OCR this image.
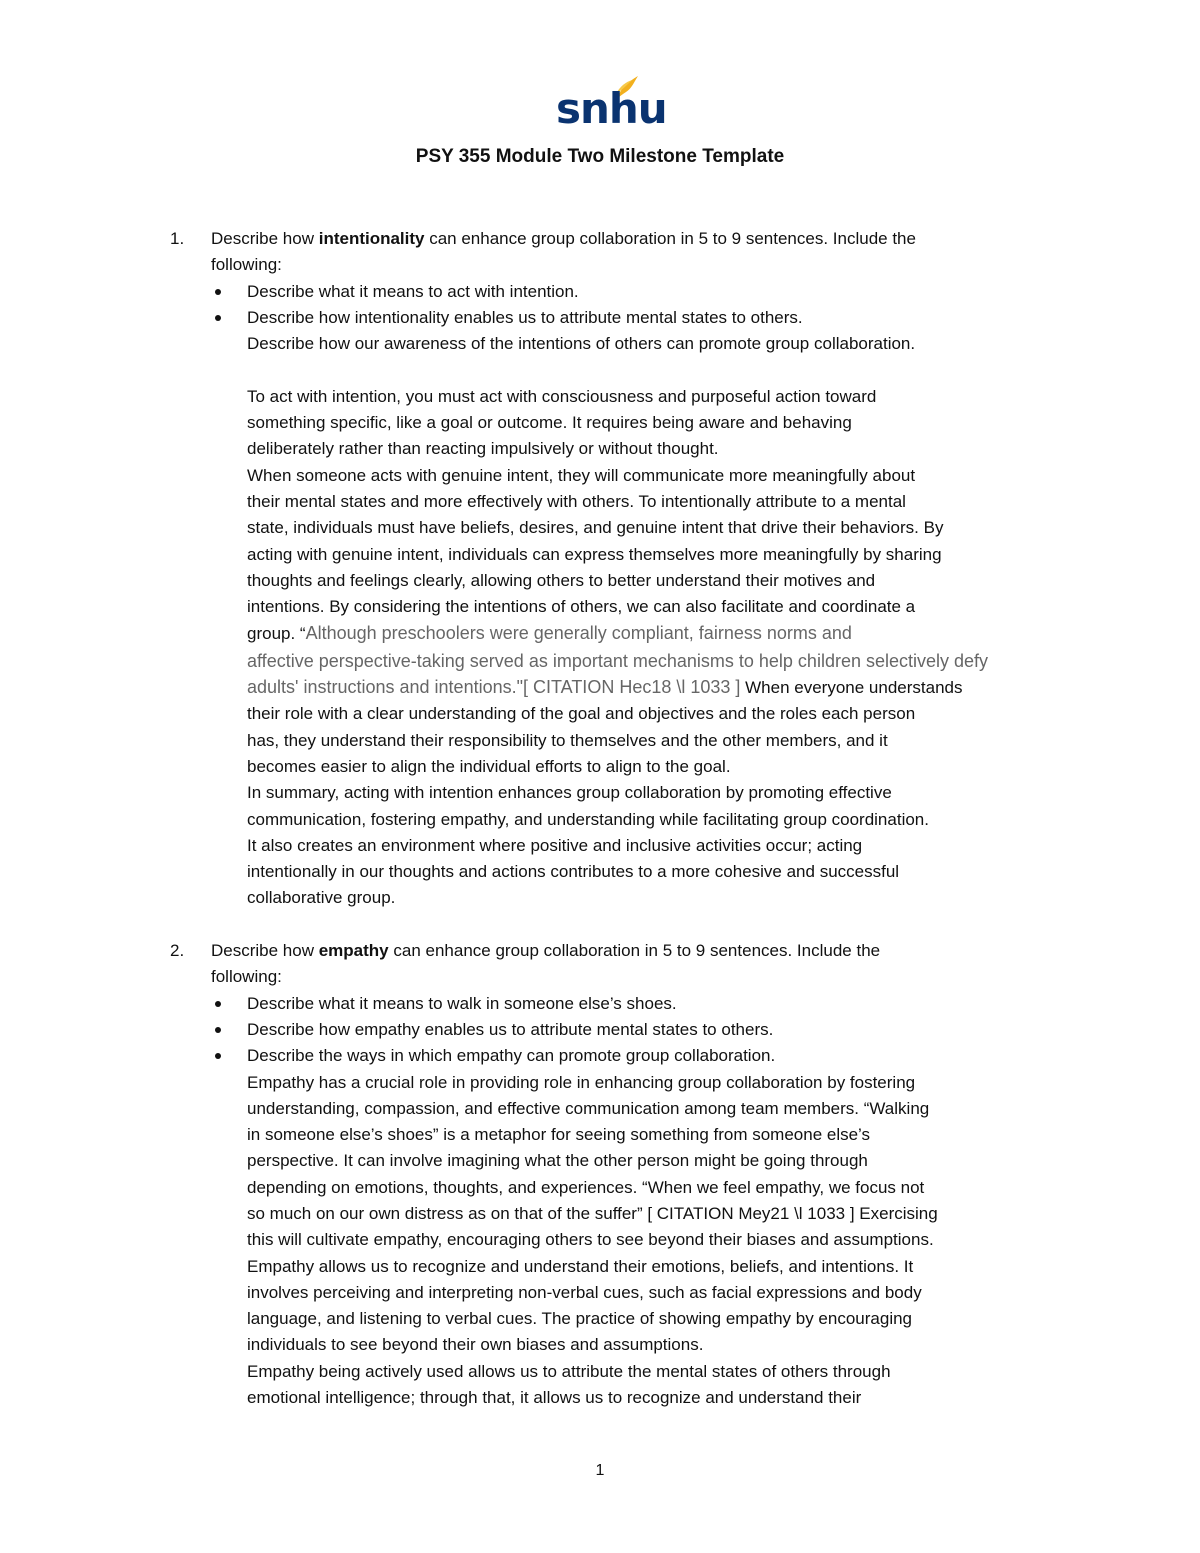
snhu
PSY 355 Module Two Milestone Template
1. Describe how intentionality can enhance group collaboration in 5 to 9 sentences. Include the
following:
Describe what it means to act with intention.
Describe how intentionality enables us to attribute mental states to others.
Describe how our awareness of the intentions of others can promote group collaboration.
To act with intention, you must act with consciousness and purposeful action toward
something specific, like a goal or outcome. It requires being aware and behaving
deliberately rather than reacting impulsively or without thought.
When someone acts with genuine intent, they will communicate more meaningfully about
their mental states and more effectively with others. To intentionally attribute to a mental
state, individuals must have beliefs, desires, and genuine intent that drive their behaviors. By
acting with genuine intent, individuals can express themselves more meaningfully by sharing
thoughts and feelings clearly, allowing others to better understand their motives and
intentions. By considering the intentions of others, we can also facilitate and coordinate a
group. “Although preschoolers were generally compliant, fairness norms and
affective perspective-taking served as important mechanisms to help children selectively defy
adults' instructions and intentions."[ CITATION Hec18 \l 1033 ] When everyone understands
their role with a clear understanding of the goal and objectives and the roles each person
has, they understand their responsibility to themselves and the other members, and it
becomes easier to align the individual efforts to align to the goal.
In summary, acting with intention enhances group collaboration by promoting effective
communication, fostering empathy, and understanding while facilitating group coordination.
It also creates an environment where positive and inclusive activities occur; acting
intentionally in our thoughts and actions contributes to a more cohesive and successful
collaborative group.
2. Describe how empathy can enhance group collaboration in 5 to 9 sentences. Include the
following:
Describe what it means to walk in someone else’s shoes.
Describe how empathy enables us to attribute mental states to others.
Describe the ways in which empathy can promote group collaboration.
Empathy has a crucial role in providing role in enhancing group collaboration by fostering
understanding, compassion, and effective communication among team members. “Walking
in someone else’s shoes” is a metaphor for seeing something from someone else’s
perspective. It can involve imagining what the other person might be going through
depending on emotions, thoughts, and experiences. “When we feel empathy, we focus not
so much on our own distress as on that of the suffer” [ CITATION Mey21 \l 1033 ] Exercising
this will cultivate empathy, encouraging others to see beyond their biases and assumptions.
Empathy allows us to recognize and understand their emotions, beliefs, and intentions. It
involves perceiving and interpreting non-verbal cues, such as facial expressions and body
language, and listening to verbal cues. The practice of showing empathy by encouraging
individuals to see beyond their own biases and assumptions.
Empathy being actively used allows us to attribute the mental states of others through
emotional intelligence; through that, it allows us to recognize and understand their
1
